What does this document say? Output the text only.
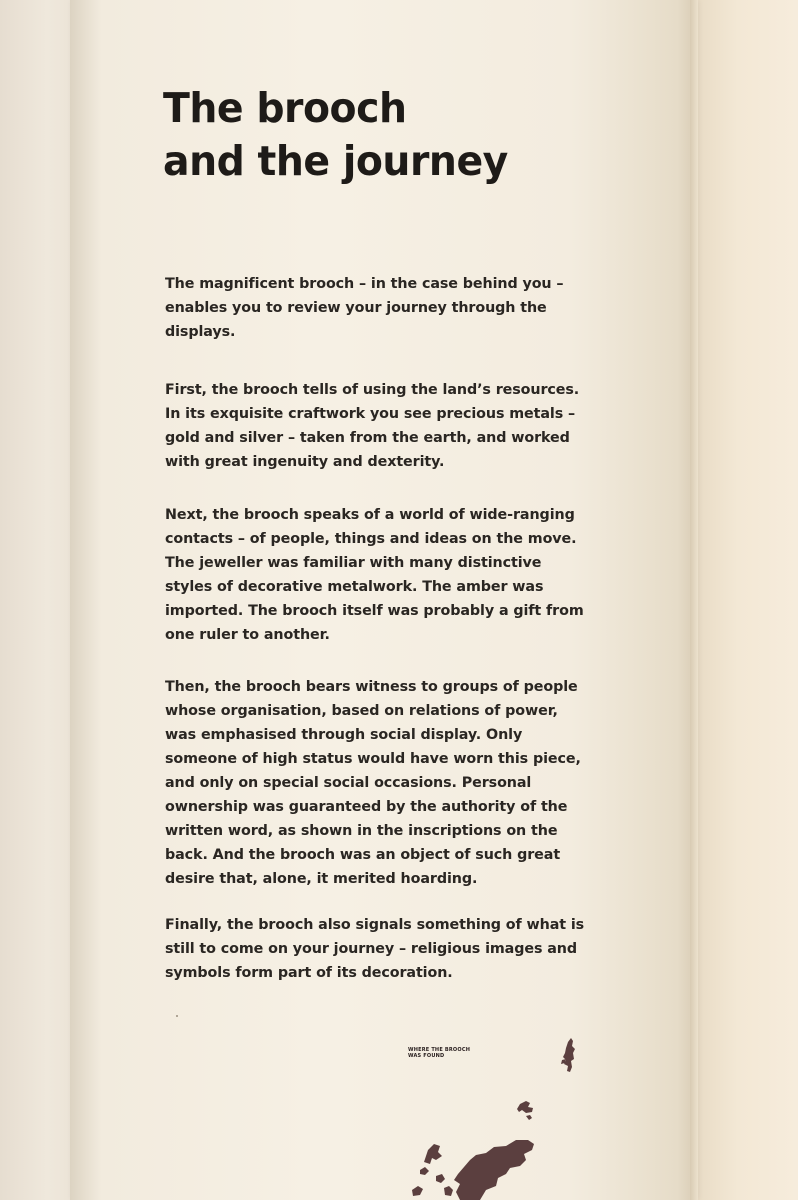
The brooch
and the journey

The magnificent brooch – in the case behind you –
enables you to review your journey through the
displays.

First, the brooch tells of using the land’s resources.
In its exquisite craftwork you see precious metals –
gold and silver – taken from the earth, and worked
with great ingenuity and dexterity.

Next, the brooch speaks of a world of wide-ranging
contacts – of people, things and ideas on the move.
The jeweller was familiar with many distinctive
styles of decorative metalwork. The amber was
imported. The brooch itself was probably a gift from
one ruler to another.

Then, the brooch bears witness to groups of people
whose organisation, based on relations of power,
was emphasised through social display. Only
someone of high status would have worn this piece,
and only on special social occasions. Personal
ownership was guaranteed by the authority of the
written word, as shown in the inscriptions on the
back. And the brooch was an object of such great
desire that, alone, it merited hoarding.

Finally, the brooch also signals something of what is
still to come on your journey – religious images and
symbols form part of its decoration.

WHERE THE BROOCH
WAS FOUND
